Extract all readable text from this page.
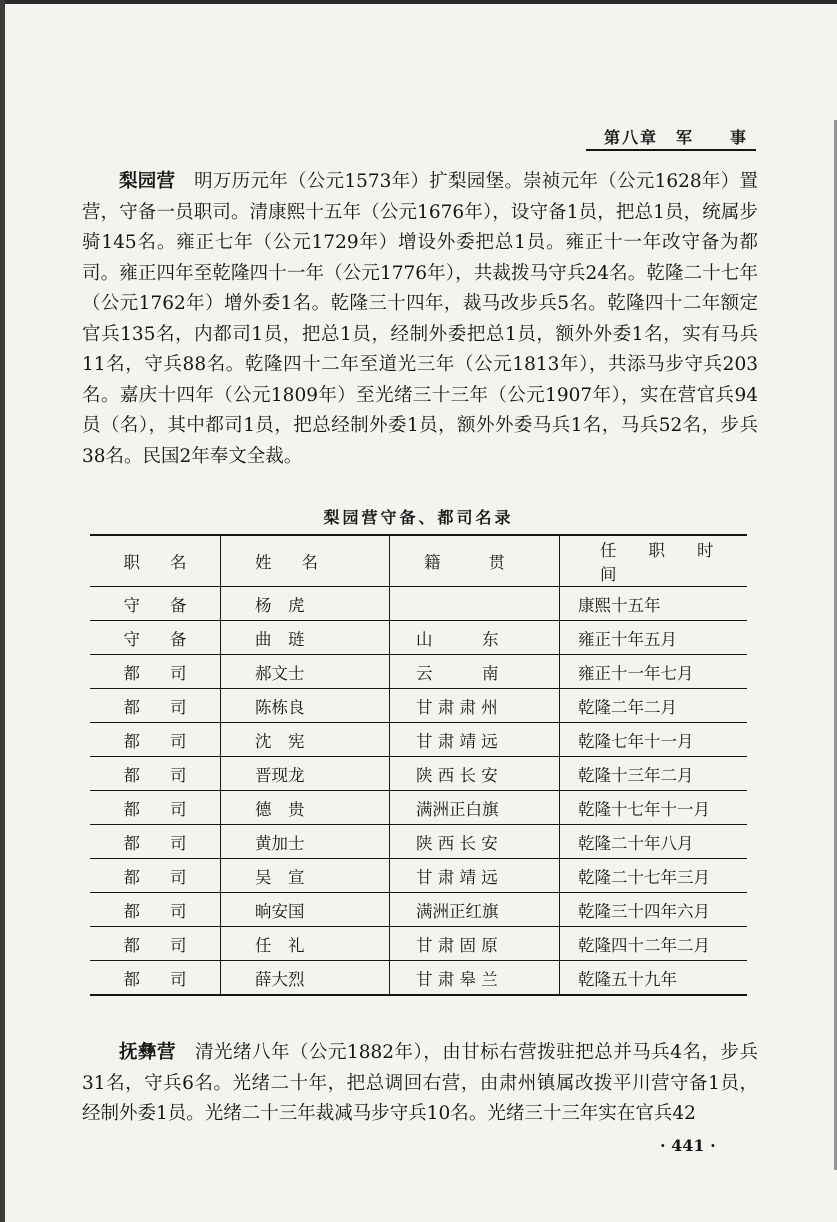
第八章　军　　事

梨园营　明万历元年（公元1573年）扩梨园堡。崇祯元年（公元1628年）置营，守备一员职司。清康熙十五年（公元1676年），设守备1员，把总1员，统属步骑145名。雍正七年（公元1729年）增设外委把总1员。雍正十一年改守备为都司。雍正四年至乾隆四十一年（公元1776年），共裁拨马守兵24名。乾隆二十七年（公元1762年）增外委1名。乾隆三十四年，裁马改步兵5名。乾隆四十二年额定官兵135名，内都司1员，把总1员，经制外委把总1员，额外外委1名，实有马兵11名，守兵88名。乾隆四十二年至道光三年（公元1813年），共添马步守兵203名。嘉庆十四年（公元1809年）至光绪三十三年（公元1907年），实在营官兵94员（名），其中都司1员，把总经制外委1员，额外外委马兵1名，马兵52名，步兵38名。民国2年奉文全裁。

梨园营守备、都司名录
职名	姓名	籍贯	任职时间
守备	杨　虎		康熙十五年
守备	曲　琏	山　　　东	雍正十年五月
都司	郝文士	云　　　南	雍正十一年七月
都司	陈栋良	甘 肃 肃 州	乾隆二年二月
都司	沈　宪	甘 肃 靖 远	乾隆七年十一月
都司	晋现龙	陕 西 长 安	乾隆十三年二月
都司	德　贵	满洲正白旗	乾隆十七年十一月
都司	黄加士	陕 西 长 安	乾隆二十年八月
都司	吴　宣	甘 肃 靖 远	乾隆二十七年三月
都司	晌安国	满洲正红旗	乾隆三十四年六月
都司	任　礼	甘 肃 固 原	乾隆四十二年二月
都司	薛大烈	甘 肃 皋 兰	乾隆五十九年

抚彝营　清光绪八年（公元1882年），由甘标右营拨驻把总并马兵4名，步兵31名，守兵6名。光绪二十年，把总调回右营，由肃州镇属改拨平川营守备1员，经制外委1员。光绪二十三年裁减马步守兵10名。光绪三十三年实在官兵42

· 441 ·
